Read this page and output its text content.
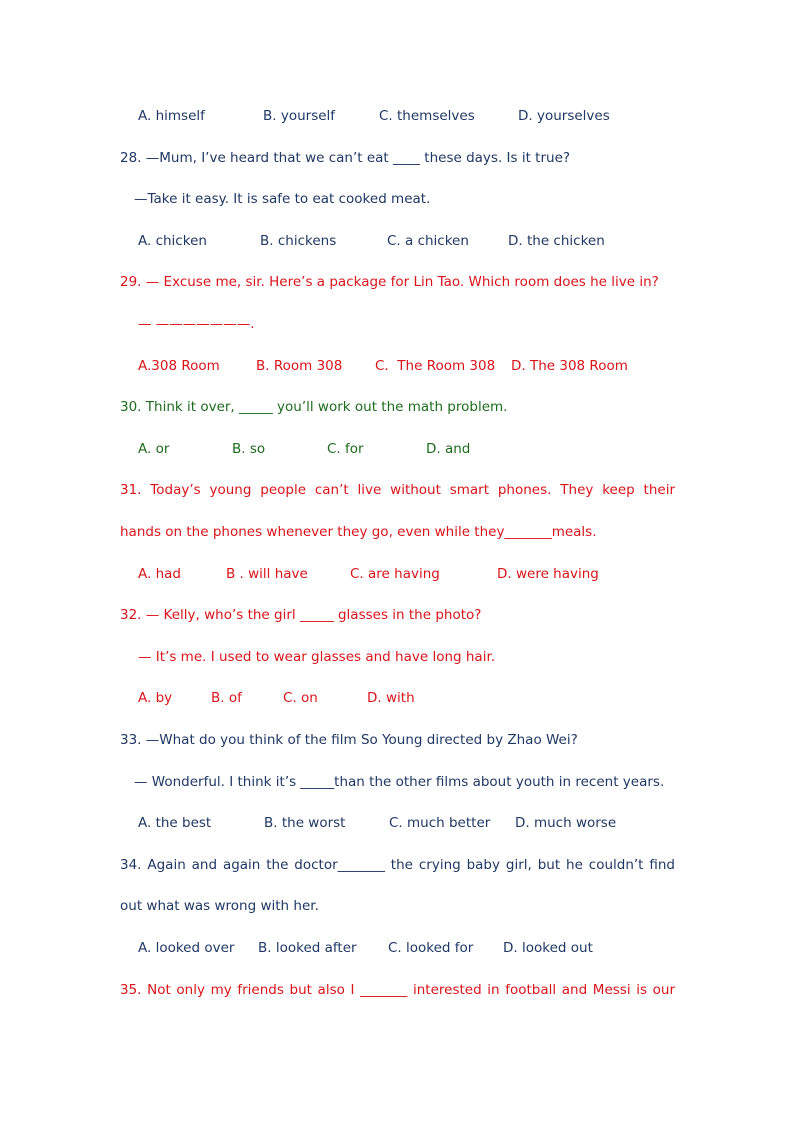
A. himself

	B. yourself

	C. themselves

	D. yourselves

28. —Mum, I’ve heard that we can’t eat ____ these days. Is it true?
—Take it easy. It is safe to eat cooked meat.

A. chicken

	B. chickens

	C. a chicken

	D. the chicken

29. — Excuse me, sir. Here’s a package for Lin Tao. Which room does he live in?
— ———————.

A.308 Room

	B. Room 308

C.  The Room 308

D. The 308 Room

30. Think it over, _____ you’ll work out the math problem.

A. or

	B. so

	C. for

	D. and

31. Today’s young people can’t live without smart phones. They keep their
hands on the phones whenever they go, even while they_______meals.

A. had

	B . will have

	C. are having

	D. were having

32. — Kelly, who’s the girl _____ glasses in the photo?
— It’s me. I used to wear glasses and have long hair.

A. by

	B. of

	C. on

	D. with

33. —What do you think of the film So Young directed by Zhao Wei?
— Wonderful. I think it’s _____than the other films about youth in recent years.

A. the best

	B. the worst

	C. much better

D. much worse

34. Again and again the doctor_______ the crying baby girl, but he couldn’t find
out what was wrong with her.

A. looked over

B. looked after

C. looked for

D. looked out

35. Not only my friends but also I _______ interested in football and Messi is our
